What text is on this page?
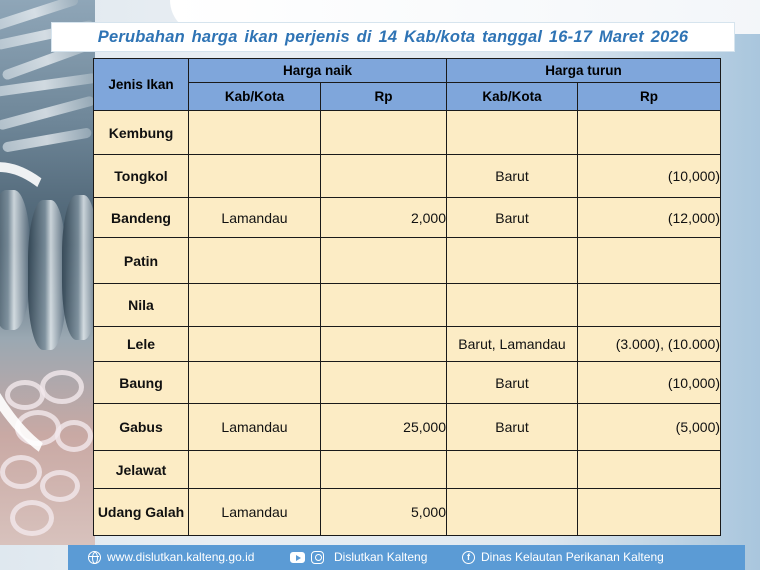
Perubahan harga ikan perjenis di 14 Kab/kota tanggal 16-17 Maret 2026
Jenis Ikan	Harga naik		Harga turun	
	Kab/Kota	Rp	Kab/Kota	Rp
Kembung				
Tongkol			Barut	(10,000)
Bandeng	Lamandau	2,000	Barut	(12,000)
Patin				
Nila				
Lele			Barut, Lamandau	(3.000), (10.000)
Baung			Barut	(10,000)
Gabus	Lamandau	25,000	Barut	(5,000)
Jelawat				
Udang Galah	Lamandau	5,000		
www.dislutkan.kalteng.go.id	Dislutkan Kalteng	f Dinas Kelautan Perikanan Kalteng
